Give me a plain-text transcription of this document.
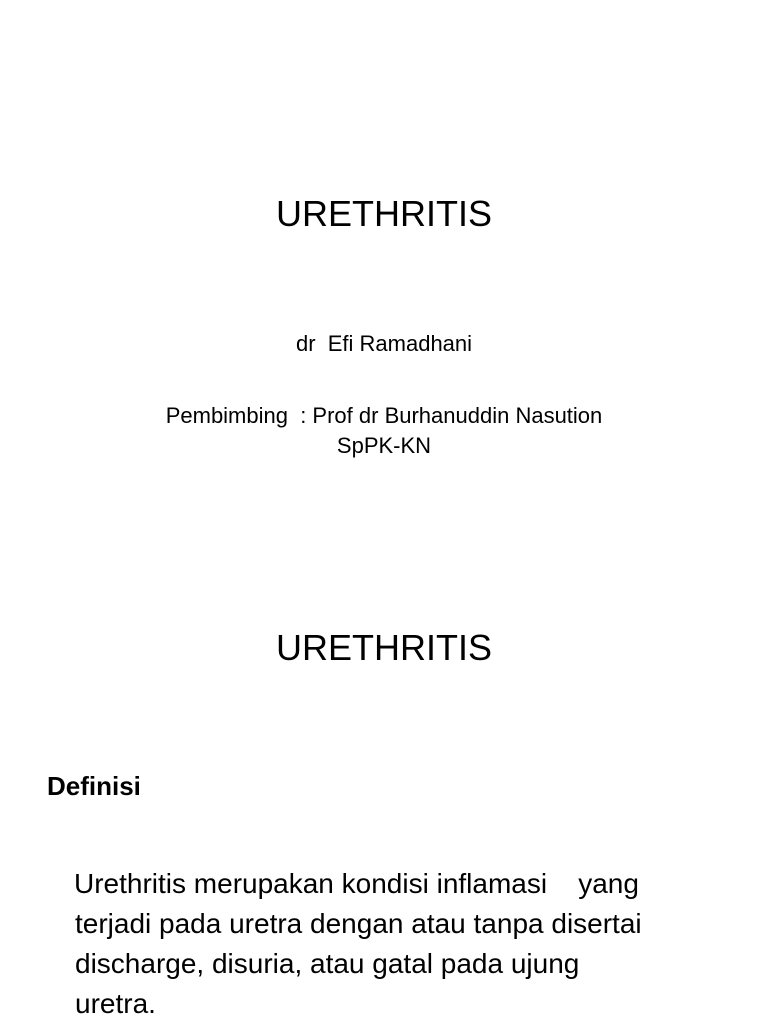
URETHRITIS
dr  Efi Ramadhani
Pembimbing  : Prof dr Burhanuddin Nasution
SpPK-KN
URETHRITIS
Definisi
Urethritis merupakan kondisi inflamasi    yang
terjadi pada uretra dengan atau tanpa disertai
discharge, disuria, atau gatal pada ujung
uretra.
